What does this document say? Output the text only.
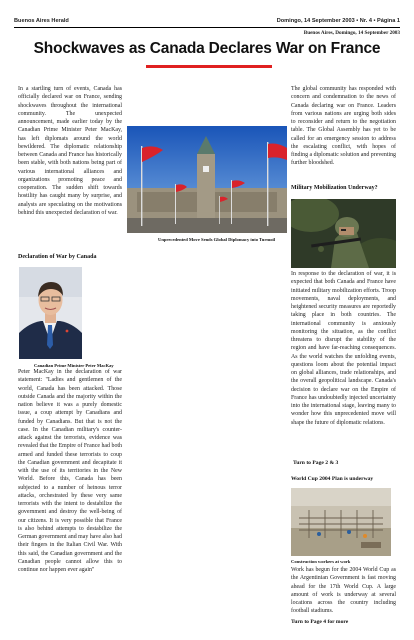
Buenos Aires Herald	Domingo, 14 September 2003 • Nr. 4 • Página 1
Buenos Aires, Domingo, 14 September 2003
Shockwaves as Canada Declares War on France

In a startling turn of events, Canada has officially declared war on France, sending shockwaves throughout the international community. The unexpected announcement, made earlier today by the Canadian Prime Minister Peter MacKay, has left diplomats around the world bewildered. The diplomatic relationship between Canada and France has historically been stable, with both nations being part of various international alliances and organizations promoting peace and cooperation. The sudden shift towards hostility has caught many by surprise, and analysts are speculating on the motivations behind this unexpected declaration of war.

Declaration of War by Canada
Canadian Prime Minister Peter MacKay

Peter MacKay in the declaration of war statement: "Ladies and gentlemen of the world, Canada has been attacked. Those outside Canada and the majority within the nation believe it was a purely domestic issue, a coup attempt by Canadians and funded by Canadians. But that is not the case. In the Canadian military's counter-attack against the terrorists, evidence was revealed that the Empire of France had both armed and funded these terrorists to coup the Canadian government and decapitate it with the use of its territories in the New World. Before this, Canada has been subjected to a number of heinous terror attacks, orchestrated by these very same terrorists with the intent to destabilize the government and destroy the well-being of our citizens. It is very possible that France is also behind attempts to destabilize the German government and may have also had their fingers in the Italian Civil War. With this said, the Canadian government and the Canadian people cannot allow this to continue nor happen ever again"

Unprecedented Move Sends Global Diplomacy into Turmoil

The global community has responded with concern and condemnation to the news of Canada declaring war on France. Leaders from various nations are urging both sides to reconsider and return to the negotiation table. The Global Assembly has yet to be called for an emergency session to address the escalating conflict, with hopes of finding a diplomatic solution and preventing further bloodshed.

Military Mobilization Underway?

In response to the declaration of war, it is expected that both Canada and France have initiated military mobilization efforts. Troop movements, naval deployments, and heightened security measures are reportedly taking place in both countries. The international community is anxiously monitoring the situation, as the conflict threatens to disrupt the stability of the region and have far-reaching consequences. As the world watches the unfolding events, questions loom about the potential impact on global alliances, trade relationships, and the overall geopolitical landscape. Canada's decision to declare war on the Empire of France has undoubtedly injected uncertainty into the international stage, leaving many to wonder how this unprecedented move will shape the future of diplomatic relations.

Turn to Page 2 & 3
World Cup 2004 Plan is underway
Construction workers at work

Work has begun for the 2004 World Cup as the Argentinian Government is fast moving ahead for the 17th World Cup. A large amount of work is underway at several locations across the country including football stadiums.

Turn to Page 4 for more
